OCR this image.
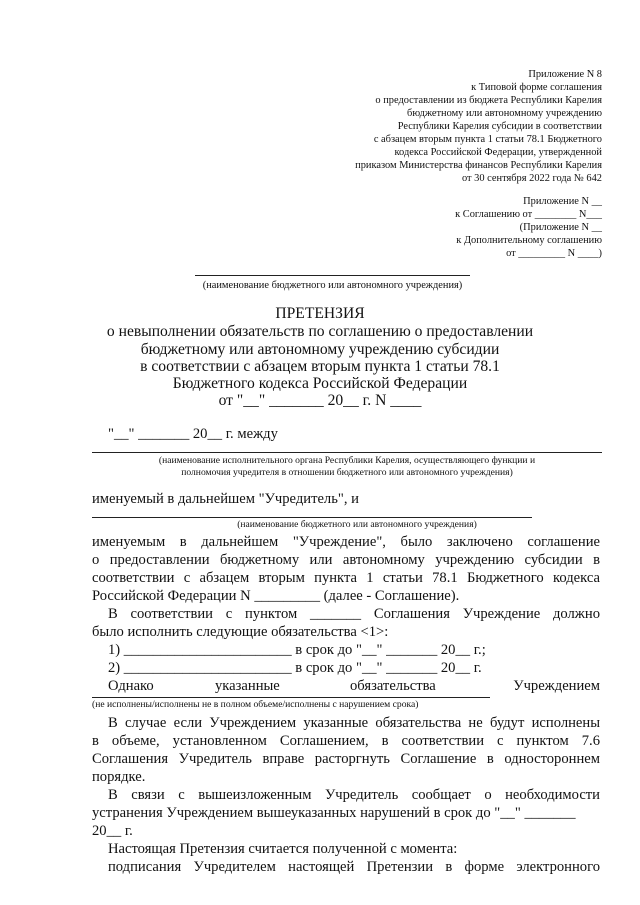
Приложение N 8
к Типовой форме соглашения
о предоставлении из бюджета Республики Карелия
бюджетному или автономному учреждению
Республики Карелия субсидии в соответствии
с абзацем вторым пункта 1 статьи 78.1 Бюджетного
кодекса Российской Федерации, утвержденной
приказом Министерства финансов Республики Карелия
от 30 сентября 2022 года № 642
Приложение N __
к Соглашению от ________ N___
(Приложение N __
к Дополнительному соглашению
от _________ N ____)
(наименование бюджетного или автономного учреждения)
ПРЕТЕНЗИЯ
о невыполнении обязательств по соглашению о предоставлении
бюджетному или автономному учреждению субсидии
в соответствии с абзацем вторым пункта 1 статьи 78.1
Бюджетного кодекса Российской Федерации
от "__" _______ 20__ г. N ____
"__" _______ 20__ г. между
(наименование исполнительного органа Республики Карелия, осуществляющего функции и
полномочия учредителя в отношении бюджетного или автономного учреждения)
именуемый в дальнейшем "Учредитель", и
(наименование бюджетного или автономного учреждения)
именуемым в дальнейшем "Учреждение", было заключено соглашение
о предоставлении бюджетному или автономному учреждению субсидии в
соответствии с абзацем вторым пункта 1 статьи 78.1 Бюджетного кодекса
Российской Федерации N _________ (далее - Соглашение).
В соответствии с пунктом _______ Соглашения Учреждение должно
было исполнить следующие обязательства <1>:
1) _______________________ в срок до "__" _______ 20__ г.;
2) _______________________ в срок до "__" _______ 20__ г.
Однако	указанные	обязательства	Учреждением
(не исполнены/исполнены не в полном объеме/исполнены с нарушением срока)
В случае если Учреждением указанные обязательства не будут исполнены
в объеме, установленном Соглашением, в соответствии с пунктом 7.6
Соглашения Учредитель вправе расторгнуть Соглашение в одностороннем
порядке.
В связи с вышеизложенным Учредитель сообщает о необходимости
устранения Учреждением вышеуказанных нарушений в срок до "__" _______
20__ г.
Настоящая Претензия считается полученной с момента:
подписания Учредителем настоящей Претензии в форме электронного
